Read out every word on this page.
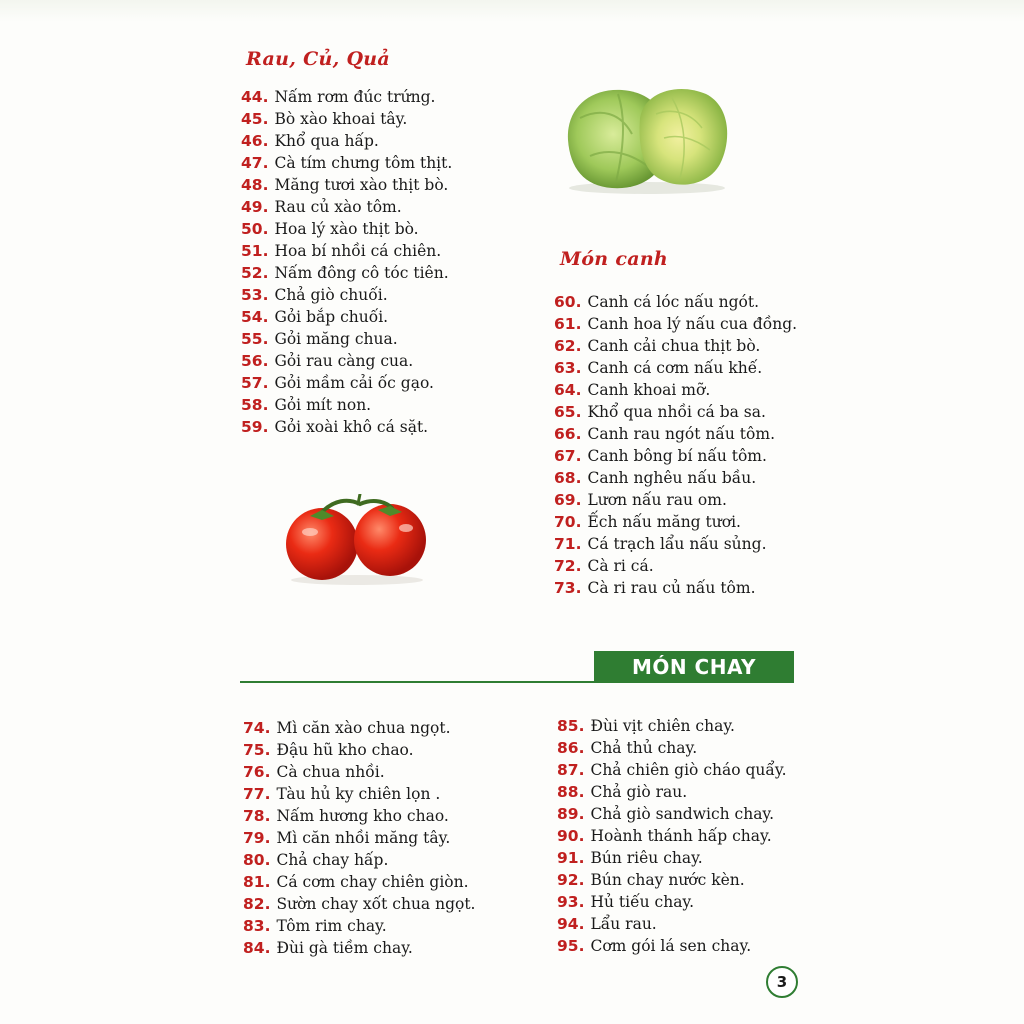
Rau, Củ, Quả
44. Nấm rơm đúc trứng.
45. Bò xào khoai tây.
46. Khổ qua hấp.
47. Cà tím chưng tôm thịt.
48. Măng tươi xào thịt bò.
49. Rau củ xào tôm.
50. Hoa lý xào thịt bò.
51. Hoa bí nhồi cá chiên.
52. Nấm đông cô tóc tiên.
53. Chả giò chuối.
54. Gỏi bắp chuối.
55. Gỏi măng chua.
56. Gỏi rau càng cua.
57. Gỏi mầm cải ốc gạo.
58. Gỏi mít non.
59. Gỏi xoài khô cá sặt.
Món canh
60. Canh cá lóc nấu ngót.
61. Canh hoa lý nấu cua đồng.
62. Canh cải chua thịt bò.
63. Canh cá cơm nấu khế.
64. Canh khoai mỡ.
65. Khổ qua nhồi cá ba sa.
66. Canh rau ngót nấu tôm.
67. Canh bông bí nấu tôm.
68. Canh nghêu nấu bầu.
69. Lươn nấu rau om.
70. Ếch nấu măng tươi.
71. Cá trạch lẩu nấu sủng.
72. Cà ri cá.
73. Cà ri rau củ nấu tôm.
MÓN CHAY
74. Mì căn xào chua ngọt.
75. Đậu hũ kho chao.
76. Cà chua nhồi.
77. Tàu hủ ky chiên lọn .
78. Nấm hương kho chao.
79. Mì căn nhồi măng tây.
80. Chả chay hấp.
81. Cá cơm chay chiên giòn.
82. Sườn chay xốt chua ngọt.
83. Tôm rim chay.
84. Đùi gà tiềm chay.
85. Đùi vịt chiên chay.
86. Chả thủ chay.
87. Chả chiên giò cháo quẩy.
88. Chả giò rau.
89. Chả giò sandwich chay.
90. Hoành thánh hấp chay.
91. Bún riêu chay.
92. Bún chay nước kèn.
93. Hủ tiếu chay.
94. Lẩu rau.
95. Cơm gói lá sen chay.
3
